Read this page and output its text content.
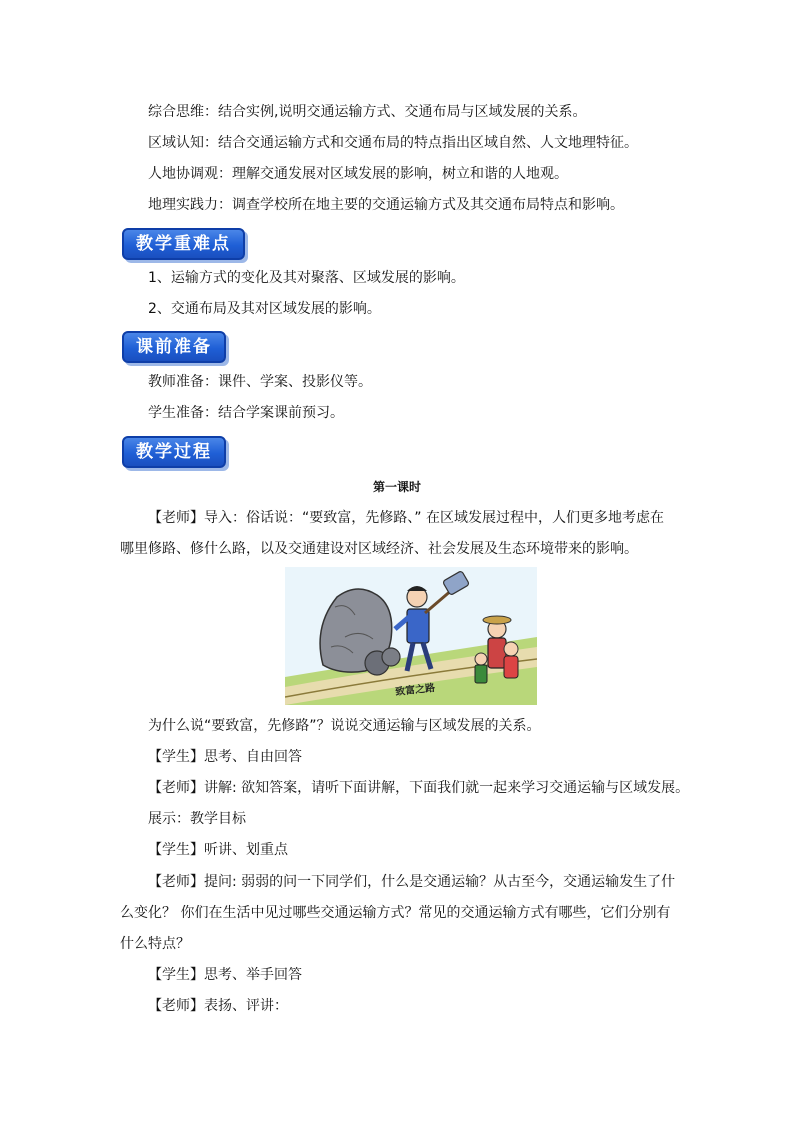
综合思维：结合实例,说明交通运输方式、交通布局与区域发展的关系。
区域认知：结合交通运输方式和交通布局的特点指出区域自然、人文地理特征。
人地协调观：理解交通发展对区域发展的影响，树立和谐的人地观。
地理实践力：调查学校所在地主要的交通运输方式及其交通布局特点和影响。
教学重难点
1、运输方式的变化及其对聚落、区域发展的影响。
2、交通布局及其对区域发展的影响。
课前准备
教师准备：课件、学案、投影仪等。
学生准备：结合学案课前预习。
教学过程
第一课时
【老师】导入：俗话说：“要致富，先修路、” 在区域发展过程中，人们更多地考虑在
哪里修路、修什么路，以及交通建设对区域经济、社会发展及生态环境带来的影响。
致富之路
为什么说“要致富，先修路”？说说交通运输与区域发展的关系。
【学生】思考、自由回答
【老师】讲解: 欲知答案，请听下面讲解，下面我们就一起来学习交通运输与区域发展。
展示：教学目标
【学生】听讲、划重点
【老师】提问: 弱弱的问一下同学们，什么是交通运输？从古至今，交通运输发生了什
么变化？ 你们在生活中见过哪些交通运输方式？常见的交通运输方式有哪些，它们分别有
什么特点？
【学生】思考、举手回答
【老师】表扬、评讲：
